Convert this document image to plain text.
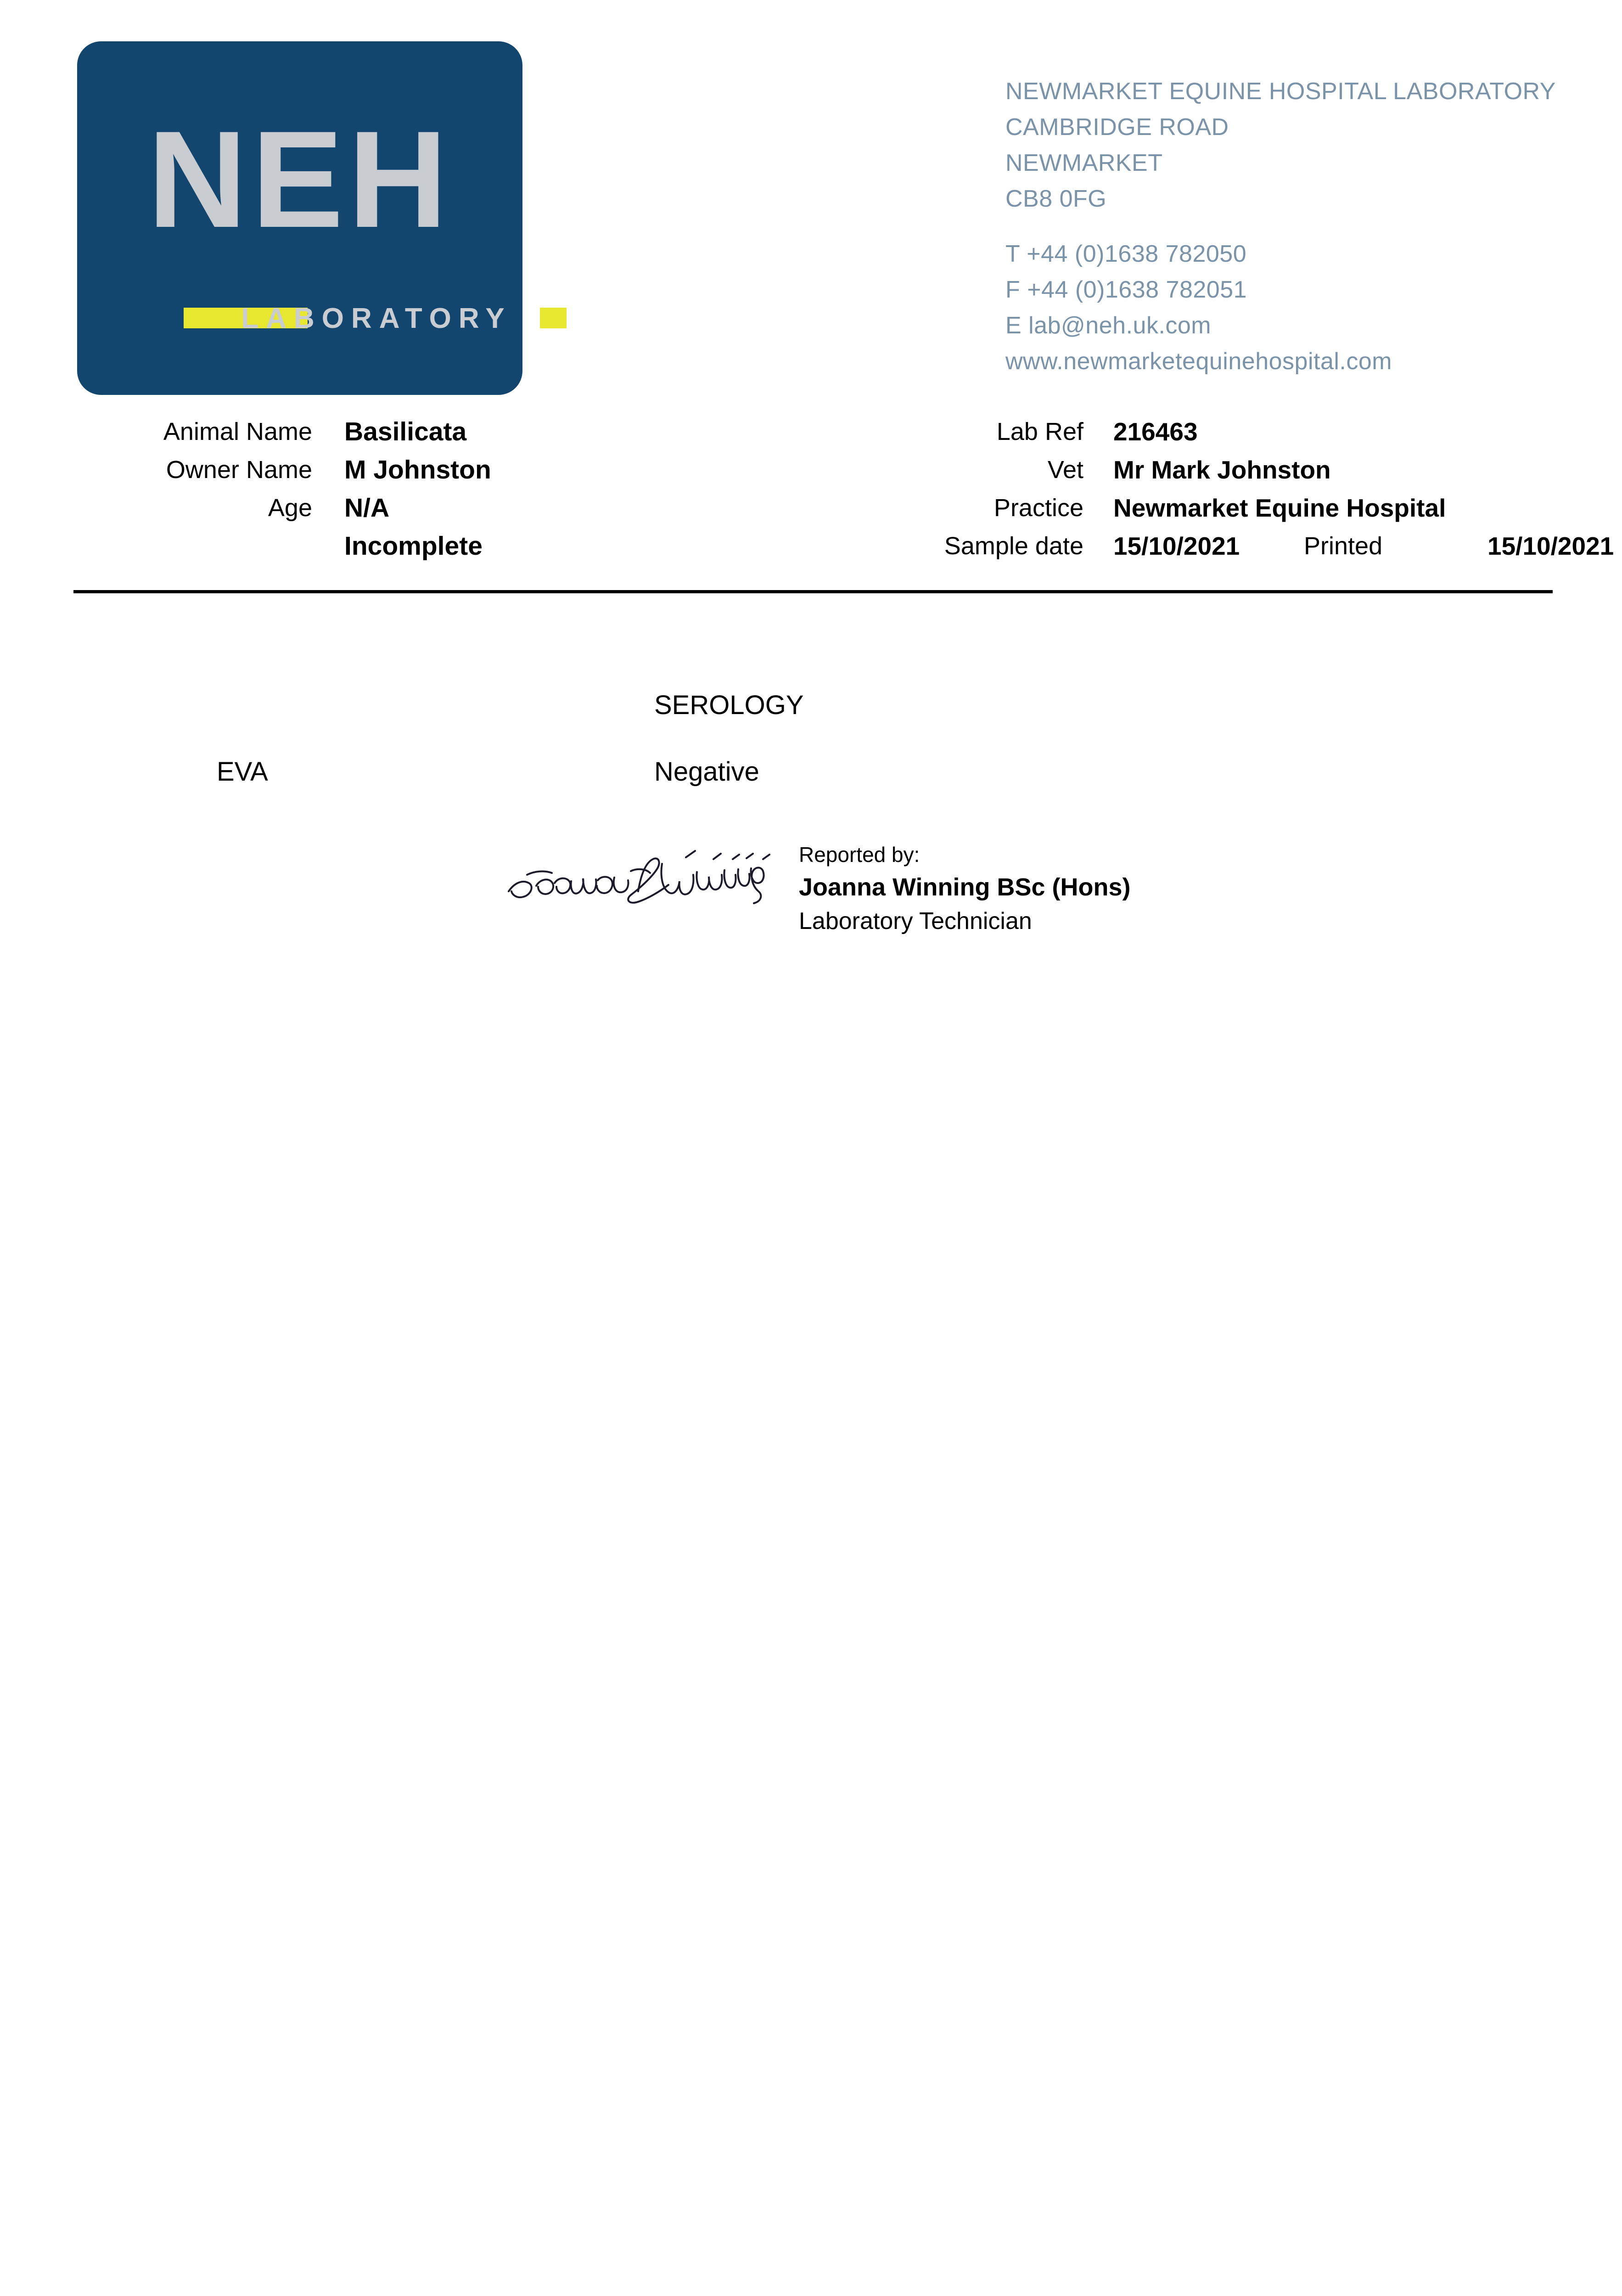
NEH
LABORATORY
NEWMARKET EQUINE HOSPITAL LABORATORY
CAMBRIDGE ROAD
NEWMARKET
CB8 0FG
T +44 (0)1638 782050
F +44 (0)1638 782051
E lab@neh.uk.com
www.newmarketequinehospital.com
Animal Name Basilicata	Lab Ref 216463
Owner Name M Johnston	Vet Mr Mark Johnston
Age N/A	Practice Newmarket Equine Hospital
Incomplete	Sample date 15/10/2021	Printed	15/10/2021
SEROLOGY
EVA	Negative
Reported by:
Joanna Winning BSc (Hons)
Laboratory Technician
